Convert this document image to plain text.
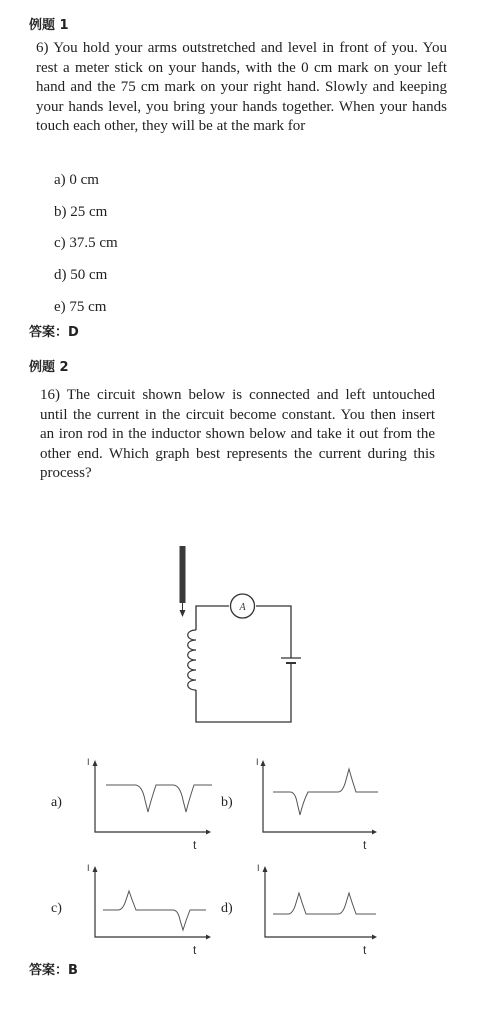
例题 1
6) You hold your arms outstretched and level in front of you. You rest a meter stick on your hands, with the 0 cm mark on your left hand and the 75 cm mark on your right hand. Slowly and keeping your hands level, you bring your hands together. When your hands touch each other, they will be at the mark for
a) 0 cm
b) 25 cm
c) 37.5 cm
d) 50 cm
e) 75 cm
答案：D
例题 2
16) The circuit shown below is connected and left untouched until the current in the circuit become constant. You then insert an iron rod in the inductor shown below and take it out from the other end. Which graph best represents the current during this process?
A
a)	b)
c)	d)
I
t
I
t
I
t
I
t
答案：B
